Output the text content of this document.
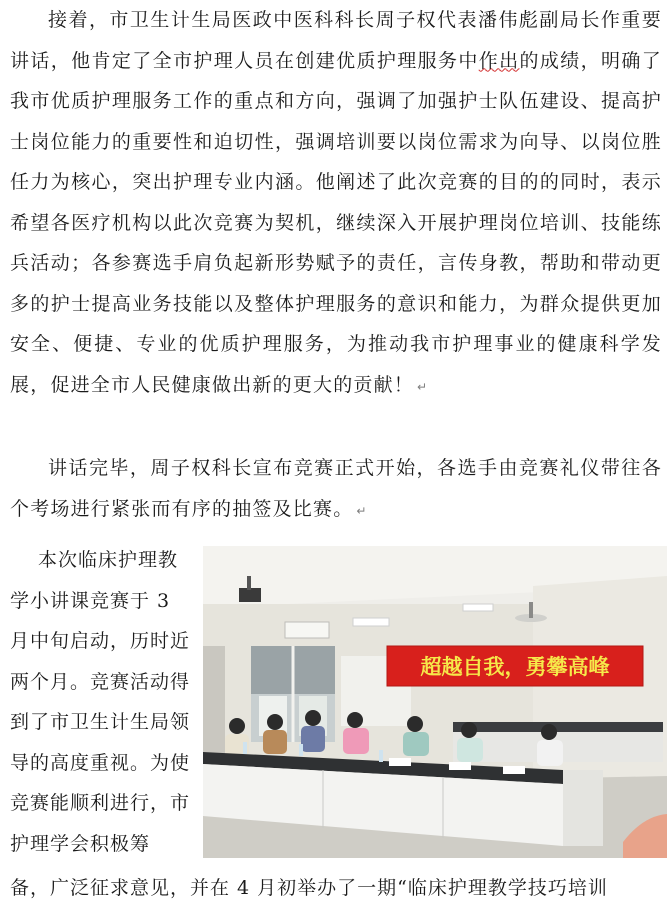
接着，市卫生计生局医政中医科科长周子权代表潘伟彪副局长作重要讲话，他肯定了全市护理人员在创建优质护理服务中作出的成绩，明确了我市优质护理服务工作的重点和方向，强调了加强护士队伍建设、提高护士岗位能力的重要性和迫切性，强调培训要以岗位需求为向导、以岗位胜任力为核心，突出护理专业内涵。他阐述了此次竞赛的目的的同时，表示希望各医疗机构以此次竞赛为契机，继续深入开展护理岗位培训、技能练兵活动；各参赛选手肩负起新形势赋予的责任，言传身教，帮助和带动更多的护士提高业务技能以及整体护理服务的意识和能力，为群众提供更加安全、便捷、专业的优质护理服务，为推动我市护理事业的健康科学发展，促进全市人民健康做出新的更大的贡献！ ↵

讲话完毕，周子权科长宣布竞赛正式开始，各选手由竞赛礼仪带往各个考场进行紧张而有序的抽签及比赛。 ↵

本次临床护理教学小讲课竞赛于 3 月中旬启动，历时近两个月。竞赛活动得到了市卫生计生局领导的高度重视。为使竞赛能顺利进行，市护理学会积极筹

超越自我，勇攀高峰

备，广泛征求意见，并在 4 月初举办了一期“临床护理教学技巧培训
